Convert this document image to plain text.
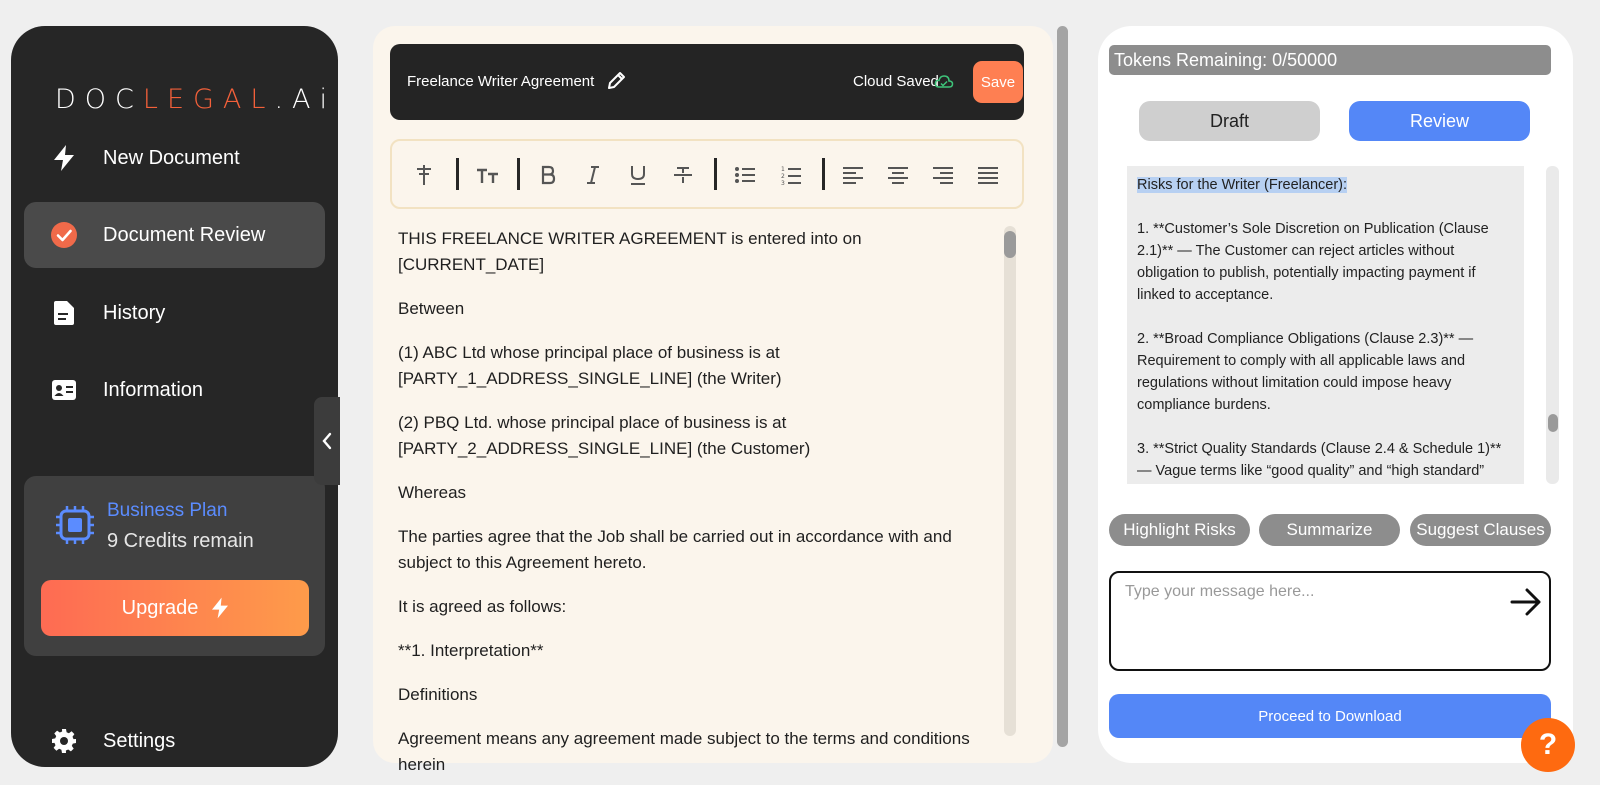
DOCLEGAL.Ai
New Document
Document Review
History
Information
Business Plan
9 Credits remain
Upgrade
Settings
Freelance Writer Agreement	Cloud Saved	Save
1
2
3

THIS FREELANCE WRITER AGREEMENT is entered into on [CURRENT_DATE]

Between

(1) ABC Ltd whose principal place of business is at [PARTY_1_ADDRESS_SINGLE_LINE] (the Writer)

(2) PBQ Ltd. whose principal place of business is at [PARTY_2_ADDRESS_SINGLE_LINE] (the Customer)

Whereas

The parties agree that the Job shall be carried out in accordance with and subject to this Agreement hereto.

It is agreed as follows:

**1. Interpretation**

Definitions

Agreement means any agreement made subject to the terms and conditions herein

Tokens Remaining: 0/50000
Draft	Review

Risks for the Writer (Freelancer):

1. **Customer’s Sole Discretion on Publication (Clause 2.1)** — The Customer can reject articles without obligation to publish, potentially impacting payment if linked to acceptance.

2. **Broad Compliance Obligations (Clause 2.3)** — Requirement to comply with all applicable laws and regulations without limitation could impose heavy compliance burdens.

3. **Strict Quality Standards (Clause 2.4 & Schedule 1)** — Vague terms like “good quality” and “high standard”

Highlight Risks	Summarize	Suggest Clauses
Type your message here...
Proceed to Download
?
